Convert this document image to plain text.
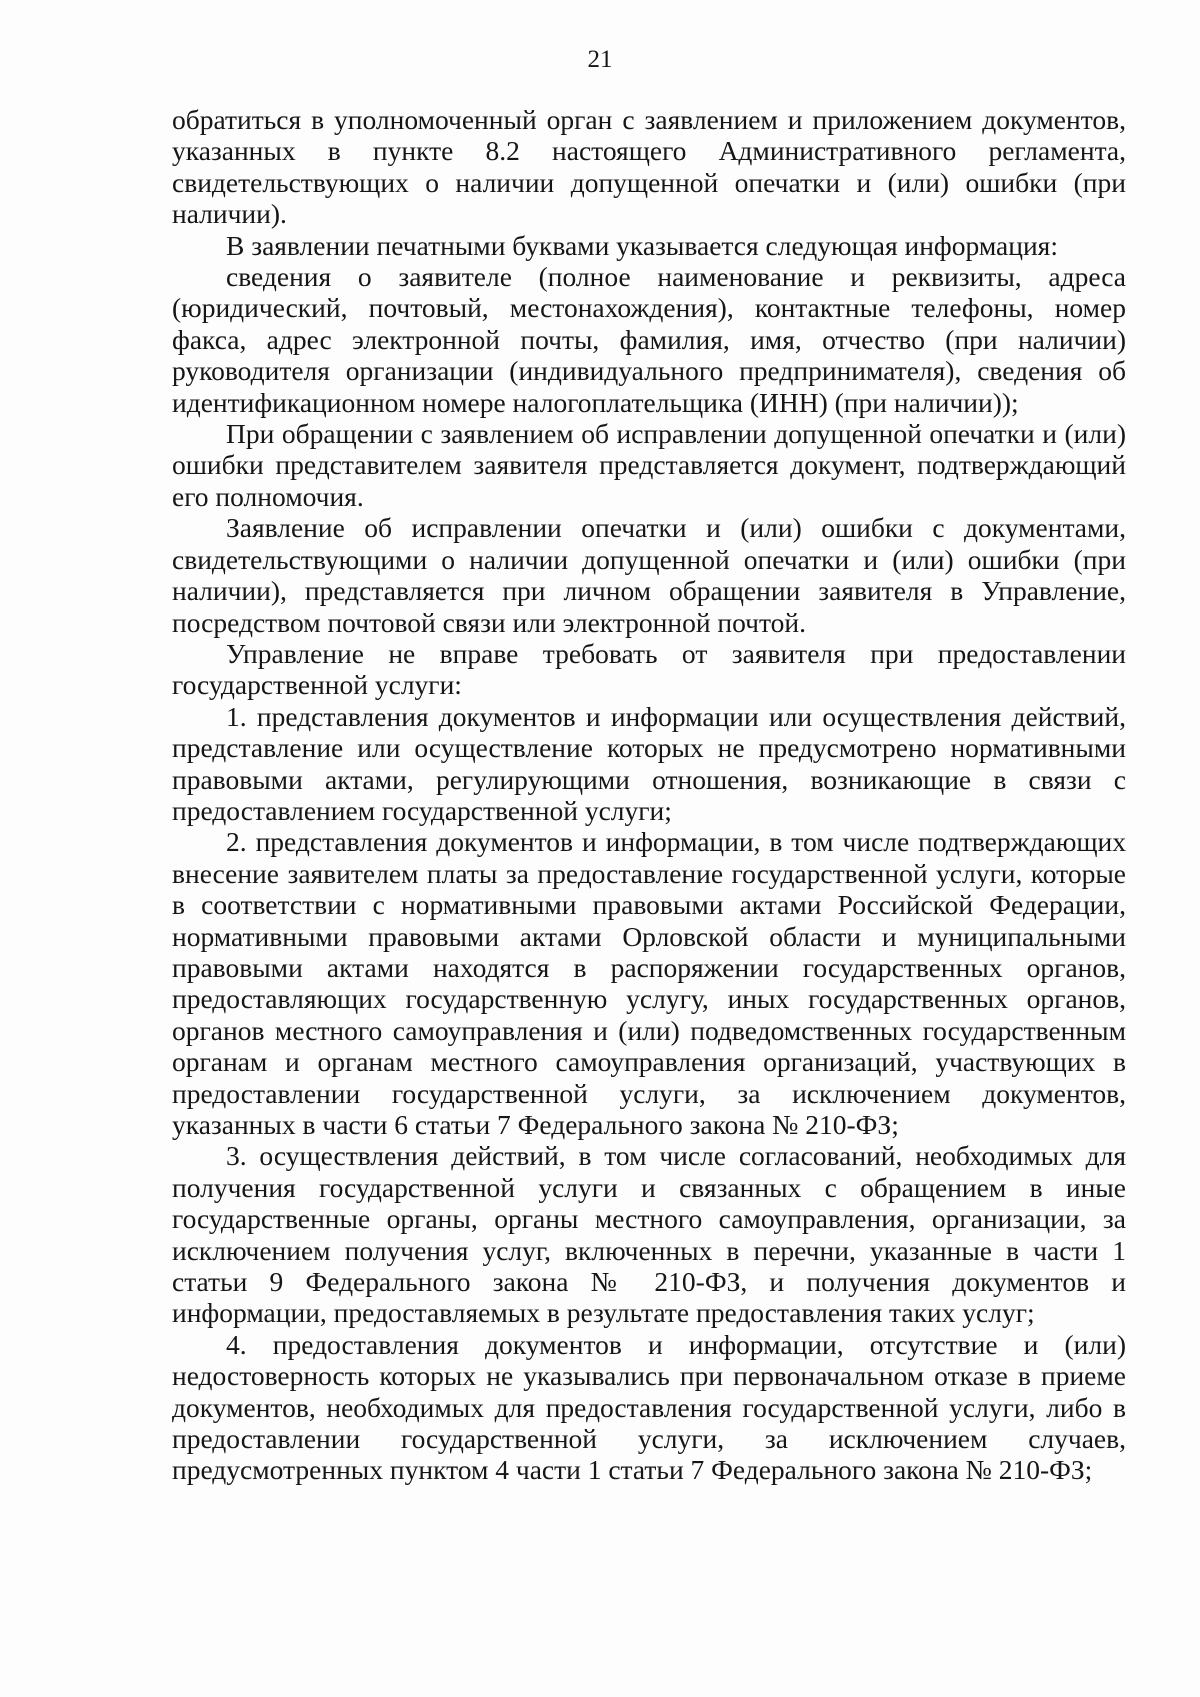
21

обратиться в уполномоченный орган с заявлением и приложением документов, указанных в пункте 8.2 настоящего Административного регламента, свидетельствующих о наличии допущенной опечатки и (или) ошибки (при наличии).

В заявлении печатными буквами указывается следующая информация:

сведения о заявителе (полное наименование и реквизиты, адреса (юридический, почтовый, местонахождения), контактные телефоны, номер факса, адрес электронной почты, фамилия, имя, отчество (при наличии) руководителя организации (индивидуального предпринимателя), сведения об идентификационном номере налогоплательщика (ИНН) (при наличии));

При обращении с заявлением об исправлении допущенной опечатки и (или) ошибки представителем заявителя представляется документ, подтверждающий его полномочия.

Заявление об исправлении опечатки и (или) ошибки с документами, свидетельствующими о наличии допущенной опечатки и (или) ошибки (при наличии), представляется при личном обращении заявителя в Управление, посредством почтовой связи или электронной почтой.

Управление не вправе требовать от заявителя при предоставлении государственной услуги:

1. представления документов и информации или осуществления действий, представление или осуществление которых не предусмотрено нормативными правовыми актами, регулирующими отношения, возникающие в связи с предоставлением государственной услуги;

2. представления документов и информации, в том числе подтверждающих внесение заявителем платы за предоставление государственной услуги, которые в соответствии с нормативными правовыми актами Российской Федерации, нормативными правовыми актами Орловской области и муниципальными правовыми актами находятся в распоряжении государственных органов, предоставляющих государственную услугу, иных государственных органов, органов местного самоуправления и (или) подведомственных государственным органам и органам местного самоуправления организаций, участвующих в предоставлении государственной услуги, за исключением документов, указанных в части 6 статьи 7 Федерального закона № 210-ФЗ;

3. осуществления действий, в том числе согласований, необходимых для получения государственной услуги и связанных с обращением в иные государственные органы, органы местного самоуправления, организации, за исключением получения услуг, включенных в перечни, указанные в части 1 статьи 9 Федерального закона № 210-ФЗ, и получения документов и информации, предоставляемых в результате предоставления таких услуг;

4. предоставления документов и информации, отсутствие и (или) недостоверность которых не указывались при первоначальном отказе в приеме документов, необходимых для предоставления государственной услуги, либо в предоставлении государственной услуги, за исключением случаев, предусмотренных пунктом 4 части 1 статьи 7 Федерального закона № 210-ФЗ;
